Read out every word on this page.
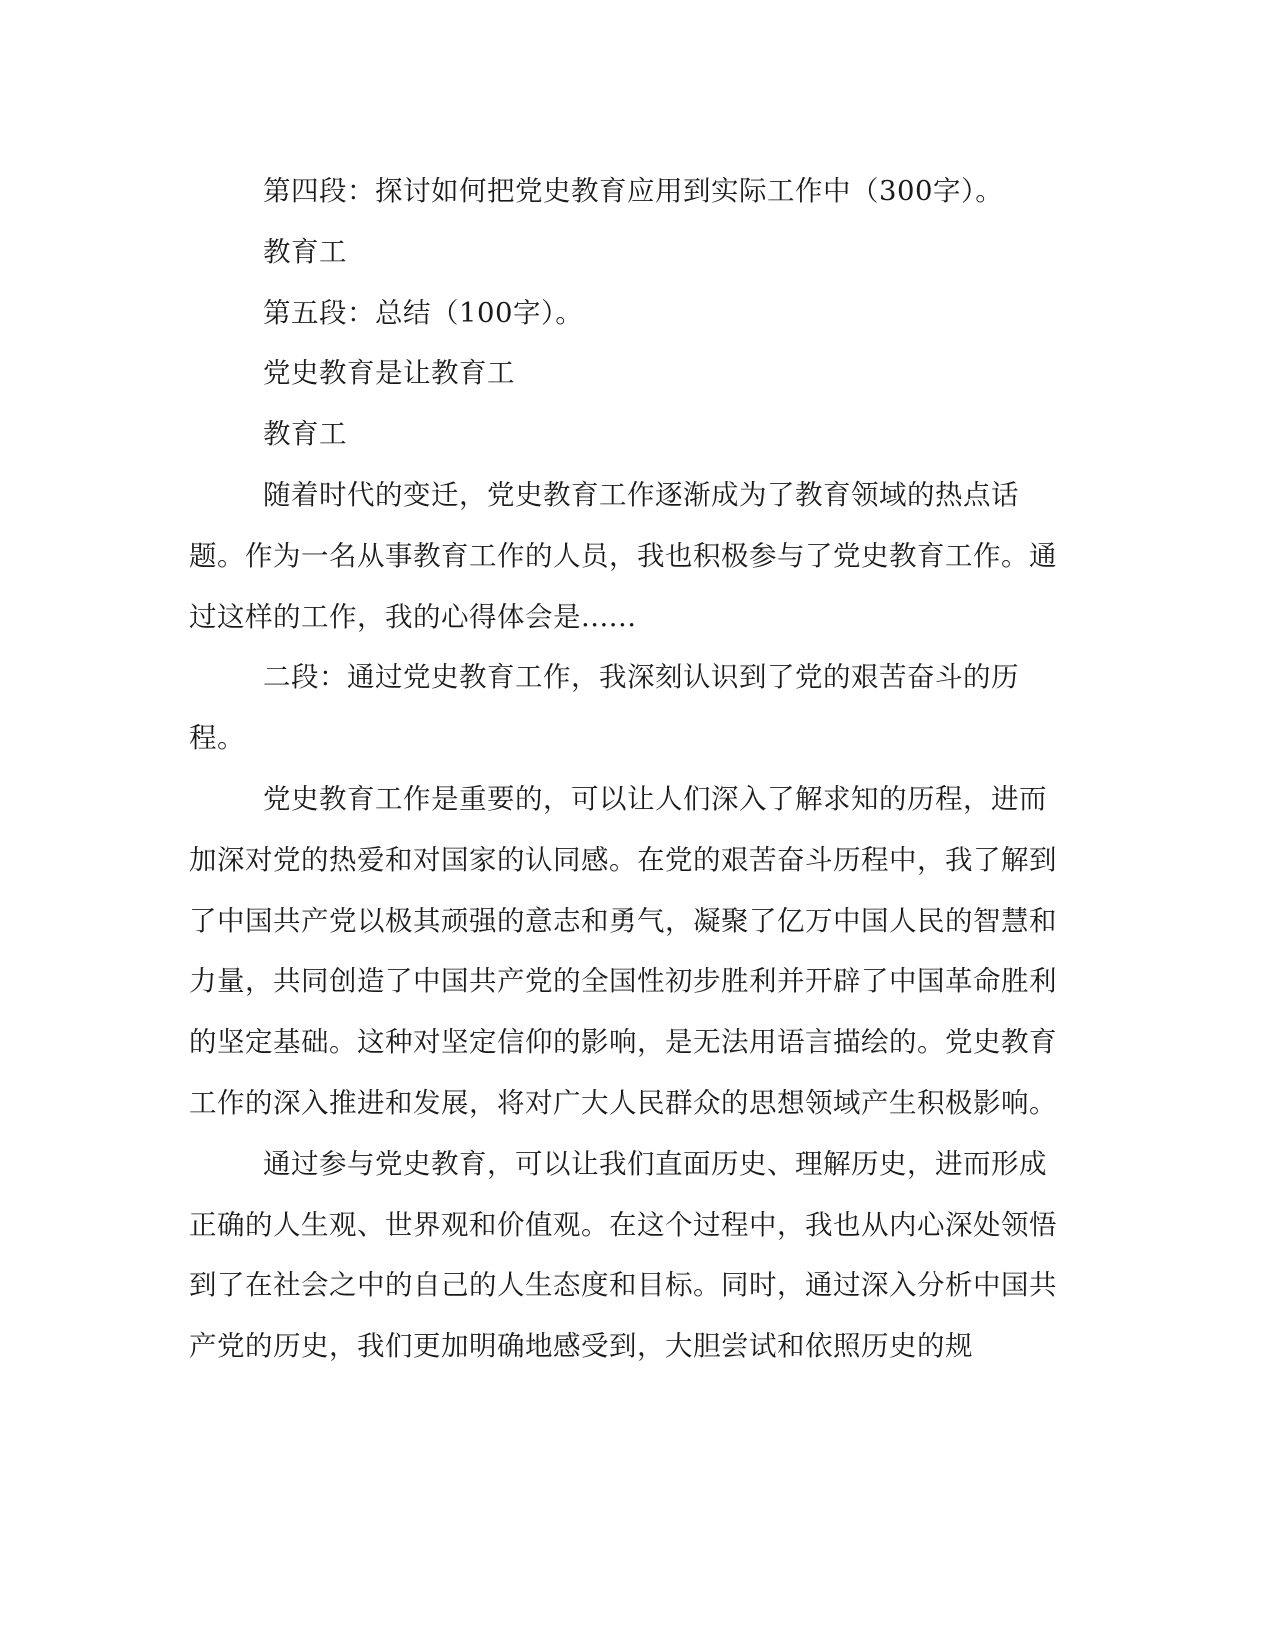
第四段：探讨如何把党史教育应用到实际工作中（300字）。

教育工

第五段：总结（100字）。

党史教育是让教育工

教育工

随着时代的变迁，党史教育工作逐渐成为了教育领域的热点话题。作为一名从事教育工作的人员，我也积极参与了党史教育工作。通过这样的工作，我的心得体会是......

二段：通过党史教育工作，我深刻认识到了党的艰苦奋斗的历程。

党史教育工作是重要的，可以让人们深入了解求知的历程，进而加深对党的热爱和对国家的认同感。在党的艰苦奋斗历程中，我了解到了中国共产党以极其顽强的意志和勇气，凝聚了亿万中国人民的智慧和力量，共同创造了中国共产党的全国性初步胜利并开辟了中国革命胜利的坚定基础。这种对坚定信仰的影响，是无法用语言描绘的。党史教育工作的深入推进和发展，将对广大人民群众的思想领域产生积极影响。

通过参与党史教育，可以让我们直面历史、理解历史，进而形成正确的人生观、世界观和价值观。在这个过程中，我也从内心深处领悟到了在社会之中的自己的人生态度和目标。同时，通过深入分析中国共产党的历史，我们更加明确地感受到，大胆尝试和依照历史的规
